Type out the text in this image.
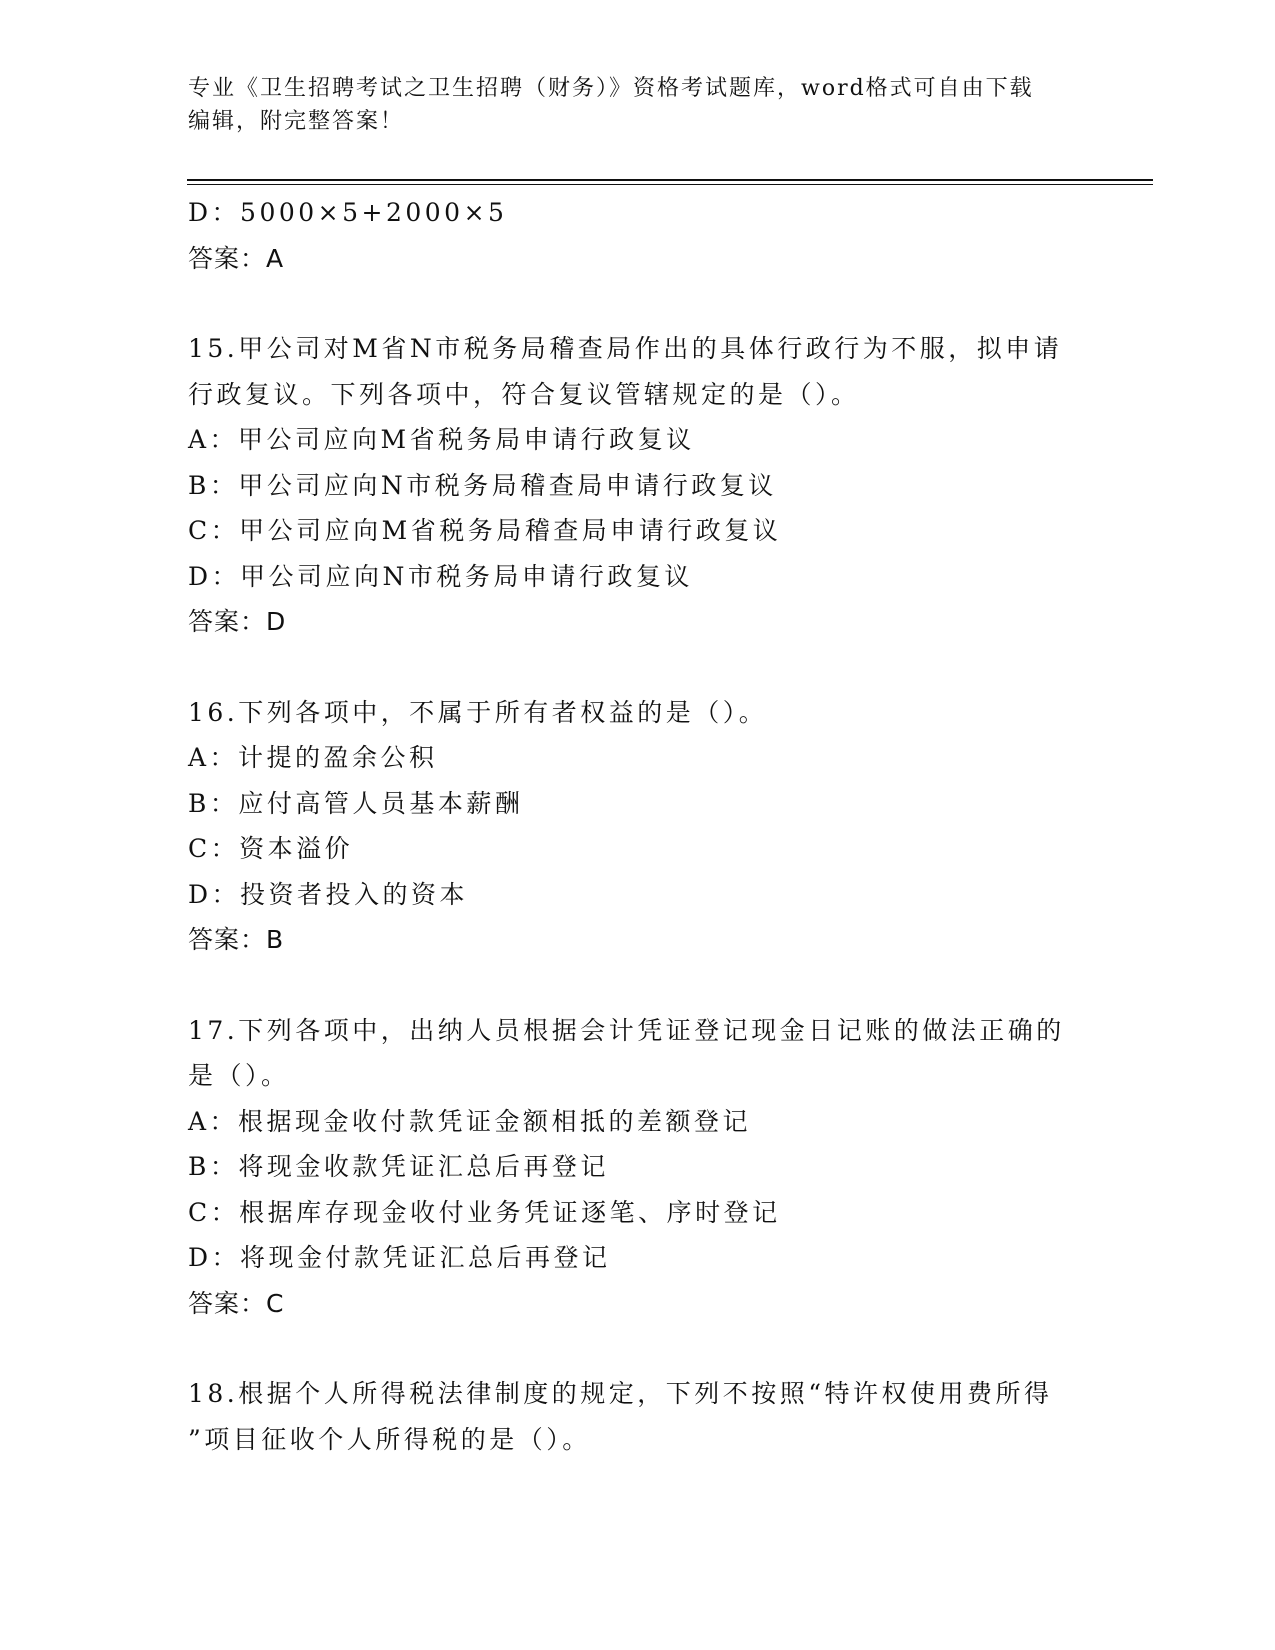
专业《卫生招聘考试之卫生招聘（财务）》资格考试题库，word格式可自由下载
编辑，附完整答案！
D：5000×5+2000×5
答案：A
15.甲公司对M省N市税务局稽查局作出的具体行政行为不服，拟申请
行政复议。下列各项中，符合复议管辖规定的是（）。
A：甲公司应向M省税务局申请行政复议
B：甲公司应向N市税务局稽查局申请行政复议
C：甲公司应向M省税务局稽查局申请行政复议
D：甲公司应向N市税务局申请行政复议
答案：D
16.下列各项中，不属于所有者权益的是（）。
A：计提的盈余公积
B：应付高管人员基本薪酬
C：资本溢价
D：投资者投入的资本
答案：B
17.下列各项中，出纳人员根据会计凭证登记现金日记账的做法正确的
是（）。
A：根据现金收付款凭证金额相抵的差额登记
B：将现金收款凭证汇总后再登记
C：根据库存现金收付业务凭证逐笔、序时登记
D：将现金付款凭证汇总后再登记
答案：C
18.根据个人所得税法律制度的规定，下列不按照“特许权使用费所得
”项目征收个人所得税的是（）。
